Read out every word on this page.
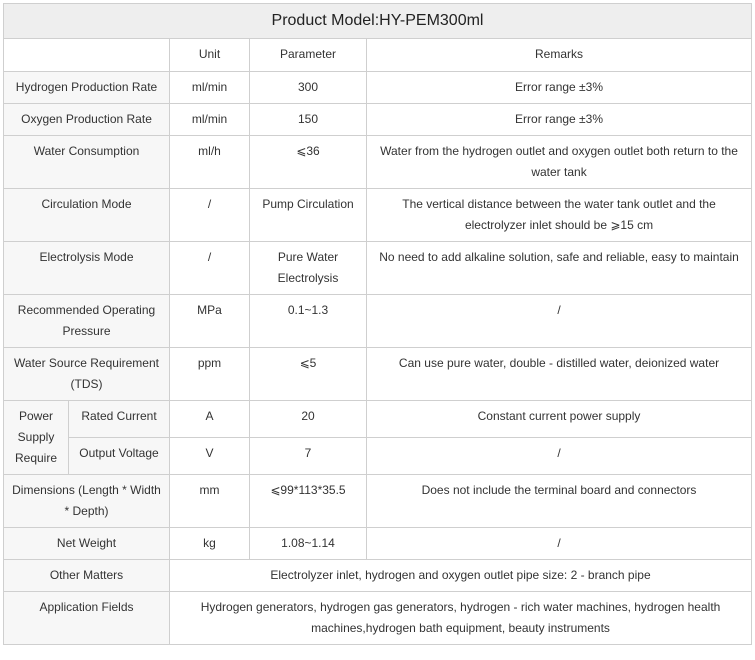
Product Model:HY-PEM300ml				
		Unit	Parameter	Remarks
Hydrogen Production Rate		ml/min	300	Error range ±3%
Oxygen Production Rate		ml/min	150	Error range ±3%
Water Consumption		ml/h	⩽36	Water from the hydrogen outlet and oxygen outlet both return to the water tank
Circulation Mode		/	Pump Circulation	The vertical distance between the water tank outlet and the electrolyzer inlet should be ⩾15 cm
Electrolysis Mode		/	Pure Water Electrolysis	No need to add alkaline solution, safe and reliable, easy to maintain
Recommended Operating Pressure		MPa	0.1~1.3	/
Water Source Requirement (TDS)		ppm	⩽5	Can use pure water, double - distilled water, deionized water
Power Supply Require	Rated Current	A	20	Constant current power supply
	Output Voltage	V	7	/
Dimensions (Length * Width * Depth)		mm	⩽99*113*35.5	Does not include the terminal board and connectors
Net Weight		kg	1.08~1.14	/
Other Matters		Electrolyzer inlet, hydrogen and oxygen outlet pipe size: 2 - branch pipe		
Application Fields		Hydrogen generators, hydrogen gas generators, hydrogen - rich water machines, hydrogen health machines,hydrogen bath equipment, beauty instruments		
